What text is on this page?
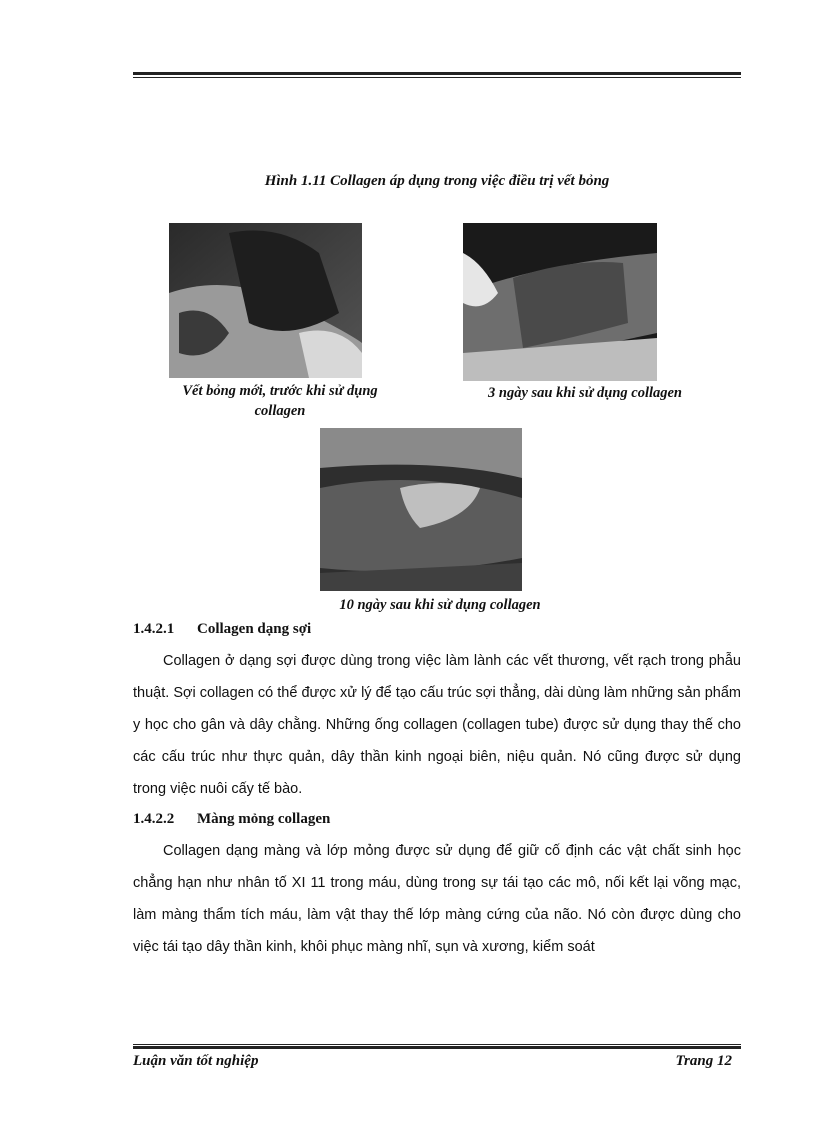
Hình 1.11 Collagen áp dụng trong việc điều trị vết bỏng
Vết bỏng mới, trước khi sử dụng collagen
3 ngày sau khi sử dụng collagen
10 ngày sau khi sử dụng collagen
1.4.2.1 Collagen dạng sợi

Collagen ở dạng sợi được dùng trong việc làm lành các vết thương, vết rạch trong phẫu thuật. Sợi collagen có thể được xử lý để tạo cấu trúc sợi thẳng, dài dùng làm những sản phẩm y học cho gân và dây chằng. Những ống collagen (collagen tube) được sử dụng thay thế cho các cấu trúc như thực quản, dây thần kinh ngoại biên, niệu quản. Nó cũng được sử dụng trong việc nuôi cấy tế bào.

1.4.2.2 Màng mỏng collagen

Collagen dạng màng và lớp mỏng được sử dụng để giữ cố định các vật chất sinh học chẳng hạn như nhân tố XI 11 trong máu, dùng trong sự tái tạo các mô, nối kết lại võng mạc, làm màng thẩm tích máu, làm vật thay thế lớp màng cứng của não. Nó còn được dùng cho việc tái tạo dây thần kinh, khôi phục màng nhĩ, sụn và xương, kiểm soát

Luận văn tốt nghiệp	Trang 12
